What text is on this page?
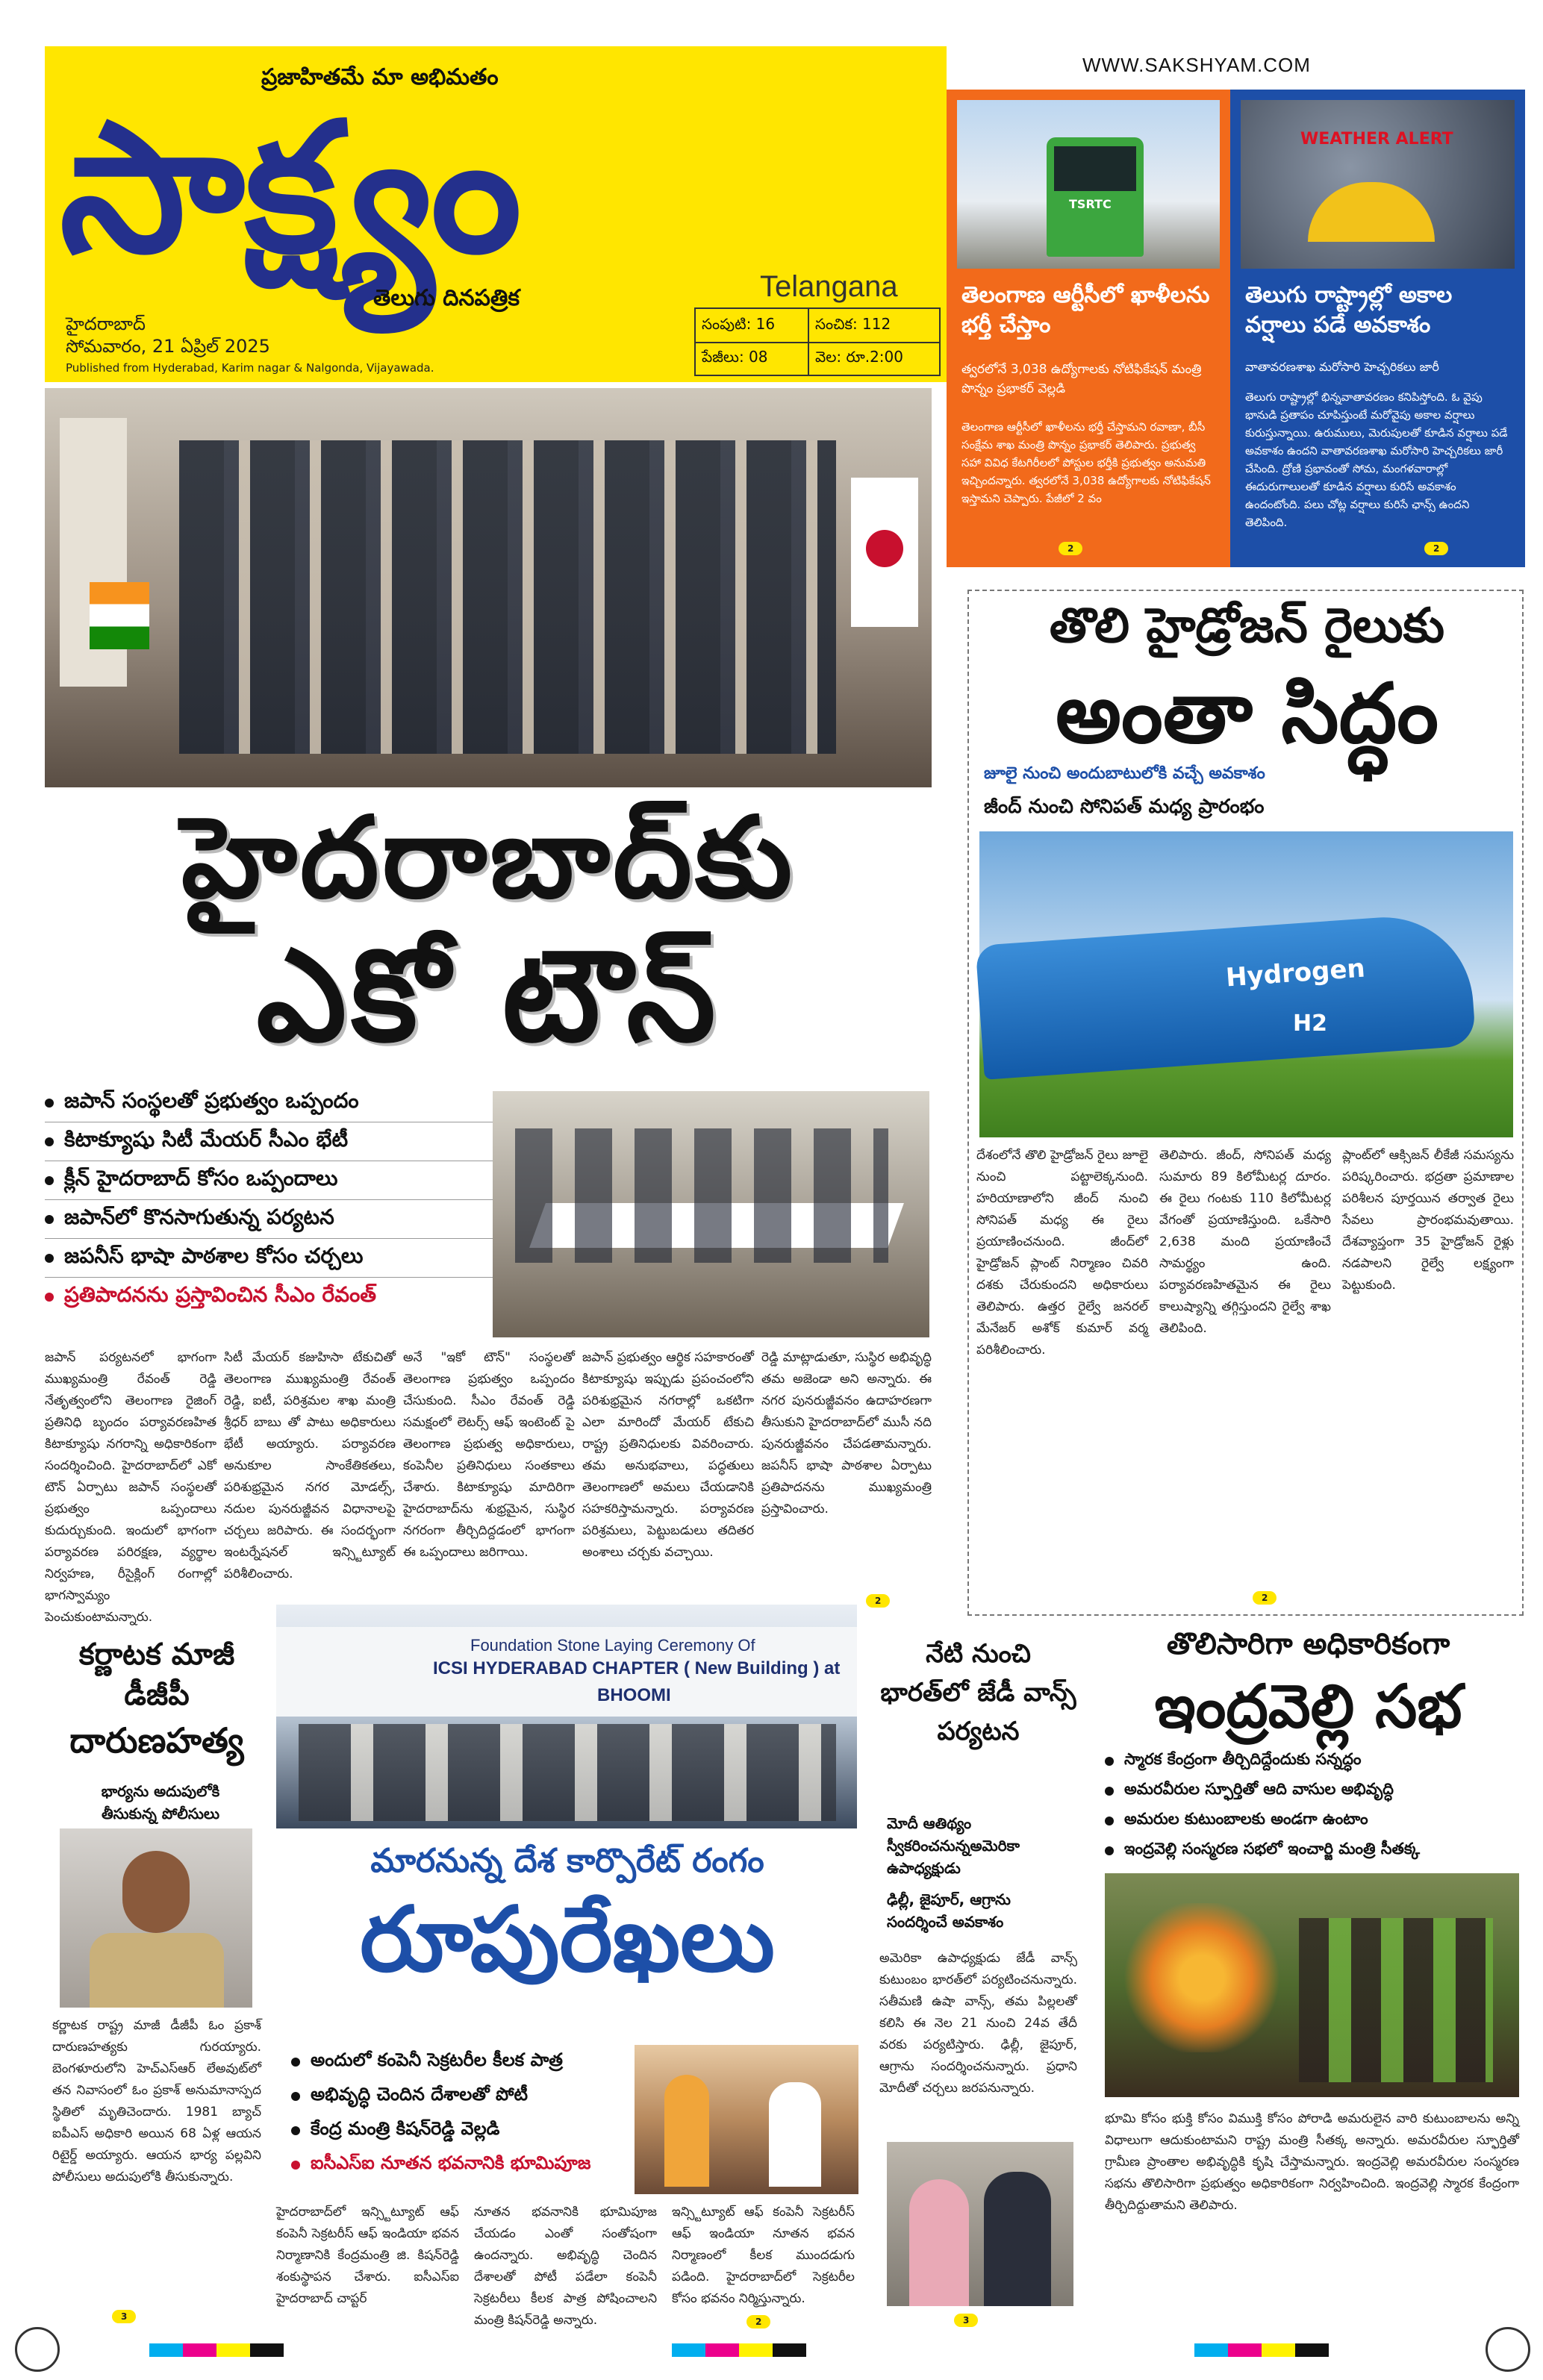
WWW.SAKSHYAM.COM
ప్రజాహితమే మా అభిమతం
సాక్ష్యం
తెలుగు దినపత్రిక	Telangana
హైదరాబాద్
సోమవారం, 21 ఏప్రిల్ 2025
Published from Hyderabad, Karim nagar & Nalgonda, Vijayawada.
సంపుటి: 16	సంచిక: 112
పేజీలు: 08	వెల: రూ.2:00
TSRTC
తెలంగాణ ఆర్టీసీలో ఖాళీలను భర్తీ చేస్తాం
త్వరలోనే 3,038 ఉద్యోగాలకు నోటిఫికేషన్ మంత్రి పొన్నం ప్రభాకర్ వెల్లడి
తెలంగాణ ఆర్టీసీలో ఖాళీలను భర్తీ చేస్తామని రవాణా, బీసీ సంక్షేమ శాఖ మంత్రి పొన్నం ప్రభాకర్ తెలిపారు. ప్రభుత్వ సహా వివిధ కేటగిరీలలో పోస్టుల భర్తీకి ప్రభుత్వం అనుమతి ఇచ్చిందన్నారు. త్వరలోనే 3,038 ఉద్యోగాలకు నోటిఫికేషన్ ఇస్తామని చెప్పారు. పేజీలో 2 వం
2
WEATHER ALERT
తెలుగు రాష్ట్రాల్లో అకాల వర్షాలు పడే అవకాశం
వాతావరణశాఖ మరోసారి హెచ్చరికలు జారీ
తెలుగు రాష్ట్రాల్లో భిన్నవాతావరణం కనిపిస్తోంది. ఓ వైపు భానుడి ప్రతాపం చూపిస్తుంటే మరోవైపు అకాల వర్షాలు కురుస్తున్నాయి. ఉరుములు, మెరుపులతో కూడిన వర్షాలు పడే అవకాశం ఉందని వాతావరణశాఖ మరోసారి హెచ్చరికలు జారీ చేసింది. ద్రోణి ప్రభావంతో సోమ, మంగళవారాల్లో ఈదురుగాలులతో కూడిన వర్షాలు కురిసే అవకాశం ఉందంటోంది. పలు చోట్ల వర్షాలు కురిసే ఛాన్స్ ఉందని తెలిపింది.
2
హైదరాబాద్‌కు
ఎకో టౌన్
జపాన్ సంస్థలతో ప్రభుత్వం ఒప్పందం
కిటాక్యూషు సిటీ మేయర్ సీఎం భేటీ
క్లీన్ హైదరాబాద్ కోసం ఒప్పందాలు
జపాన్‌లో కొనసాగుతున్న పర్యటన
జపనీస్ భాషా పాఠశాల కోసం చర్చలు
ప్రతిపాదనను ప్రస్తావించిన సీఎం రేవంత్
జపాన్ పర్యటనలో భాగంగా ముఖ్యమంత్రి రేవంత్ రెడ్డి నేతృత్వంలోని తెలంగాణ రైజింగ్ ప్రతినిధి బృందం పర్యావరణహిత కిటాక్యూషు నగరాన్ని అధికారికంగా సందర్శించింది. హైదరాబాద్‌లో ఎకో టౌన్ ఏర్పాటు జపాన్ సంస్థలతో ప్రభుత్వం ఒప్పందాలు కుదుర్చుకుంది. ఇందులో భాగంగా పర్యావరణ పరిరక్షణ, వ్యర్థాల నిర్వహణ, రీసైక్లింగ్ రంగాల్లో భాగస్వామ్యం పెంచుకుంటామన్నారు.
సిటీ మేయర్ కజుహిసా టేకుచితో తెలంగాణ ముఖ్యమంత్రి రేవంత్ రెడ్డి, ఐటీ, పరిశ్రమల శాఖ మంత్రి శ్రీధర్ బాబు తో పాటు అధికారులు భేటీ అయ్యారు. పర్యావరణ అనుకూల సాంకేతికతలు, పరిశుభ్రమైన నగర మోడల్స్, నదుల పునరుజ్జీవన విధానాలపై చర్చలు జరిపారు. ఈ సందర్భంగా ఇంటర్నేషనల్ ఇన్స్టిట్యూట్ పరిశీలించారు.
అనే "ఇకో టౌన్" సంస్థలతో తెలంగాణ ప్రభుత్వం ఒప్పందం చేసుకుంది. సీఎం రేవంత్ రెడ్డి సమక్షంలో లెటర్స్ ఆఫ్ ఇంటెంట్ పై తెలంగాణ ప్రభుత్వ అధికారులు, కంపెనీల ప్రతినిధులు సంతకాలు చేశారు. కిటాక్యూషు మాదిరిగా హైదరాబాద్‌ను శుభ్రమైన, సుస్థిర నగరంగా తీర్చిదిద్దడంలో భాగంగా ఈ ఒప్పందాలు జరిగాయి.
జపాన్ ప్రభుత్వం ఆర్థిక సహకారంతో కిటాక్యూషు ఇప్పుడు ప్రపంచంలోని పరిశుభ్రమైన నగరాల్లో ఒకటిగా ఎలా మారిందో మేయర్ టేకుచి రాష్ట్ర ప్రతినిధులకు వివరించారు. తమ అనుభవాలు, పద్ధతులు తెలంగాణలో అమలు చేయడానికి సహకరిస్తామన్నారు. పర్యావరణ పరిశ్రమలు, పెట్టుబడులు తదితర అంశాలు చర్చకు వచ్చాయి.
రెడ్డి మాట్లాడుతూ, సుస్థిర అభివృద్ధి తమ అజెండా అని అన్నారు. ఈ నగర పునరుజ్జీవనం ఉదాహరణగా తీసుకుని హైదరాబాద్‌లో ముసీ నది పునరుజ్జీవనం చేపడతామన్నారు. జపనీస్ భాషా పాఠశాల ఏర్పాటు ప్రతిపాదనను ముఖ్యమంత్రి ప్రస్తావించారు.
2
తొలి హైడ్రోజన్ రైలుకు
అంతా సిద్ధం
జూలై నుంచి అందుబాటులోకి వచ్చే అవకాశం
జీంద్ నుంచి సోనిపత్ మధ్య ప్రారంభం
Hydrogen
H2
దేశంలోనే తొలి హైడ్రోజన్ రైలు జూలై నుంచి పట్టాలెక్కనుంది. హరియాణాలోని జీంద్ నుంచి సోనిపత్ మధ్య ఈ రైలు ప్రయాణించనుంది. జీంద్‌లో హైడ్రోజన్ ప్లాంట్ నిర్మాణం చివరి దశకు చేరుకుందని అధికారులు తెలిపారు. ఉత్తర రైల్వే జనరల్ మేనేజర్ అశోక్ కుమార్ వర్మ పరిశీలించారు.
తెలిపారు. జీంద్, సోనిపత్ మధ్య సుమారు 89 కిలోమీటర్ల దూరం. ఈ రైలు గంటకు 110 కిలోమీటర్ల వేగంతో ప్రయాణిస్తుంది. ఒకేసారి 2,638 మంది ప్రయాణించే సామర్థ్యం ఉంది. పర్యావరణహితమైన ఈ రైలు కాలుష్యాన్ని తగ్గిస్తుందని రైల్వే శాఖ తెలిపింది.
ప్లాంట్‌లో ఆక్సిజన్ లీకేజీ సమస్యను పరిష్కరించారు. భద్రతా ప్రమాణాల పరిశీలన పూర్తయిన తర్వాత రైలు సేవలు ప్రారంభమవుతాయి. దేశవ్యాప్తంగా 35 హైడ్రోజన్ రైళ్లు నడపాలని రైల్వే లక్ష్యంగా పెట్టుకుంది.
2
కర్ణాటక మాజీ డీజీపీ
దారుణహత్య
భార్యను అదుపులోకి తీసుకున్న పోలీసులు
కర్ణాటక రాష్ట్ర మాజీ డీజీపీ ఓం ప్రకాశ్ దారుణహత్యకు గురయ్యారు. బెంగళూరులోని హెచ్ఎస్ఆర్ లేఅవుట్‌లో తన నివాసంలో ఓం ప్రకాశ్ అనుమానాస్పద స్థితిలో మృతిచెందారు. 1981 బ్యాచ్ ఐపీఎస్ అధికారి అయిన 68 ఏళ్ల ఆయన రిటైర్డ్ అయ్యారు. ఆయన భార్య పల్లవిని పోలీసులు అదుపులోకి తీసుకున్నారు.
3
Foundation Stone Laying Ceremony Of
ICSI HYDERABAD CHAPTER ( New Building ) at
BHOOMI
మారనున్న దేశ కార్పొరేట్ రంగం
రూపురేఖలు
అందులో కంపెనీ సెక్రటరీల కీలక పాత్ర
అభివృద్ధి చెందిన దేశాలతో పోటీ
కేంద్ర మంత్రి కిషన్‌రెడ్డి వెల్లడి
ఐసీఎస్ఐ నూతన భవనానికి భూమిపూజ
హైదరాబాద్‌లో ఇన్స్టిట్యూట్ ఆఫ్ కంపెనీ సెక్రటరీస్ ఆఫ్ ఇండియా భవన నిర్మాణానికి కేంద్రమంత్రి జి. కిషన్‌రెడ్డి శంకుస్థాపన చేశారు. ఐసీఎస్ఐ హైదరాబాద్ చాప్టర్
నూతన భవనానికి భూమిపూజ చేయడం ఎంతో సంతోషంగా ఉందన్నారు. అభివృద్ధి చెందిన దేశాలతో పోటీ పడేలా కంపెనీ సెక్రటరీలు కీలక పాత్ర పోషించాలని మంత్రి కిషన్‌రెడ్డి అన్నారు.
ఇన్స్టిట్యూట్ ఆఫ్ కంపెనీ సెక్రటరీస్ ఆఫ్ ఇండియా నూతన భవన నిర్మాణంలో కీలక ముందడుగు పడింది. హైదరాబాద్‌లో సెక్రటరీల కోసం భవనం నిర్మిస్తున్నారు.
2
నేటి నుంచి భారత్‌లో జేడీ వాన్స్ పర్యటన
మోదీ ఆతిథ్యం స్వీకరించనున్నఅమెరికా ఉపాధ్యక్షుడు
ఢిల్లీ, జైపూర్, ఆగ్రాను సందర్శించే అవకాశం
అమెరికా ఉపాధ్యక్షుడు జేడీ వాన్స్ కుటుంబం భారత్‌లో పర్యటించనున్నారు. సతీమణి ఉషా వాన్స్, తమ పిల్లలతో కలిసి ఈ నెల 21 నుంచి 24వ తేదీ వరకు పర్యటిస్తారు. ఢిల్లీ, జైపూర్, ఆగ్రాను సందర్శించనున్నారు. ప్రధాని మోదీతో చర్చలు జరపనున్నారు.
3
తొలిసారిగా అధికారికంగా
ఇంద్రవెల్లి సభ
స్మారక కేంద్రంగా తీర్చిదిద్దేందుకు సన్నద్ధం
అమరవీరుల స్ఫూర్తితో ఆది వాసుల అభివృద్ధి
అమరుల కుటుంబాలకు అండగా ఉంటాం
ఇంద్రవెల్లి సంస్మరణ సభలో ఇంచార్జి మంత్రి సీతక్క
భూమి కోసం భుక్తి కోసం విముక్తి కోసం పోరాడి అమరులైన వారి కుటుంబాలను అన్ని విధాలుగా ఆదుకుంటామని రాష్ట్ర మంత్రి సీతక్క అన్నారు. అమరవీరుల స్ఫూర్తితో గ్రామీణ ప్రాంతాల అభివృద్ధికి కృషి చేస్తామన్నారు. ఇంద్రవెల్లి అమరవీరుల సంస్మరణ సభను తొలిసారిగా ప్రభుత్వం అధికారికంగా నిర్వహించింది. ఇంద్రవెల్లి స్మారక కేంద్రంగా తీర్చిదిద్దుతామని తెలిపారు.
